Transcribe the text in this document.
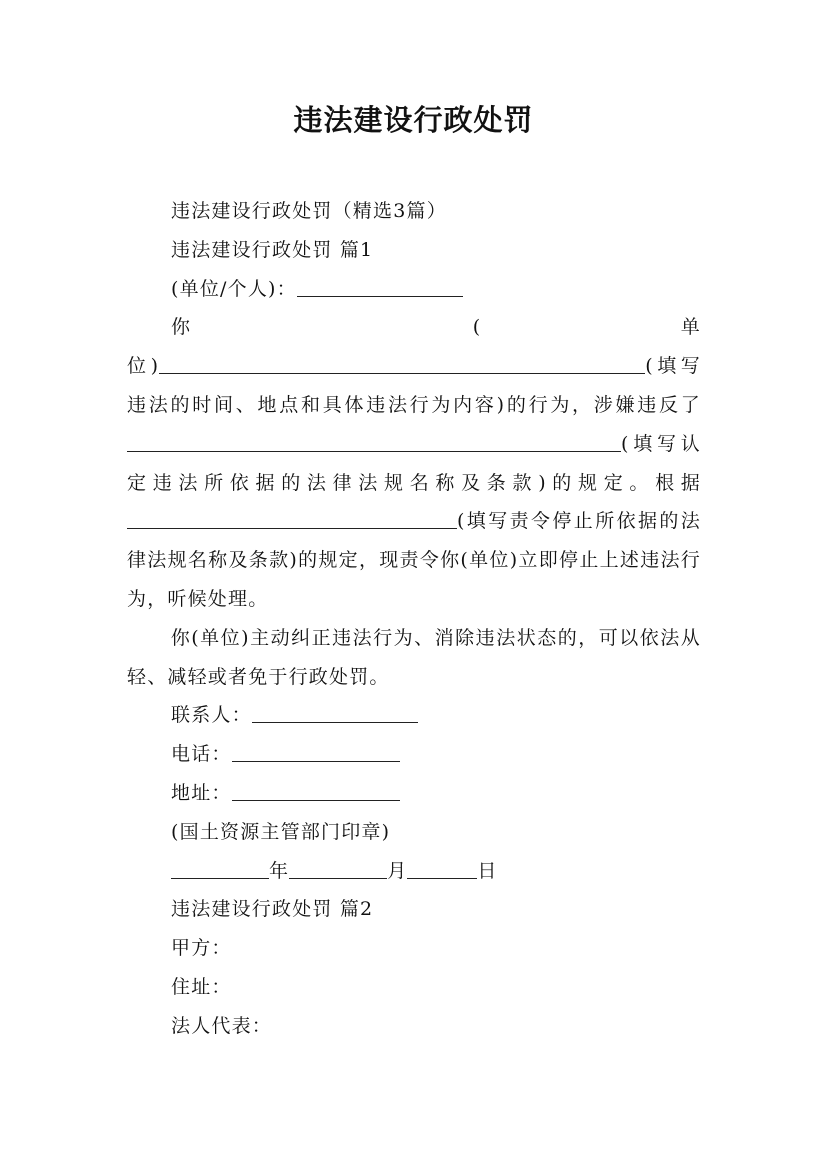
违法建设行政处罚

违法建设行政处罚（精选3篇）

违法建设行政处罚 篇1

(单位/个人)：

你 ( 单

位)	(填写违法的时间、地点和具体违法行为内容)的行为，涉嫌违反了(填写认定违法所依据的法律法规名称及条款)的规定。根据(填写责令停止所依据的法律法规名称及条款)的规定，现责令你(单位)立即停止上述违法行为，听候处理。

你(单位)主动纠正违法行为、消除违法状态的，可以依法从轻、减轻或者免于行政处罚。

联系人：

电话：

地址：

(国土资源主管部门印章)

年	月	日

违法建设行政处罚 篇2

甲方：

住址：

法人代表：
